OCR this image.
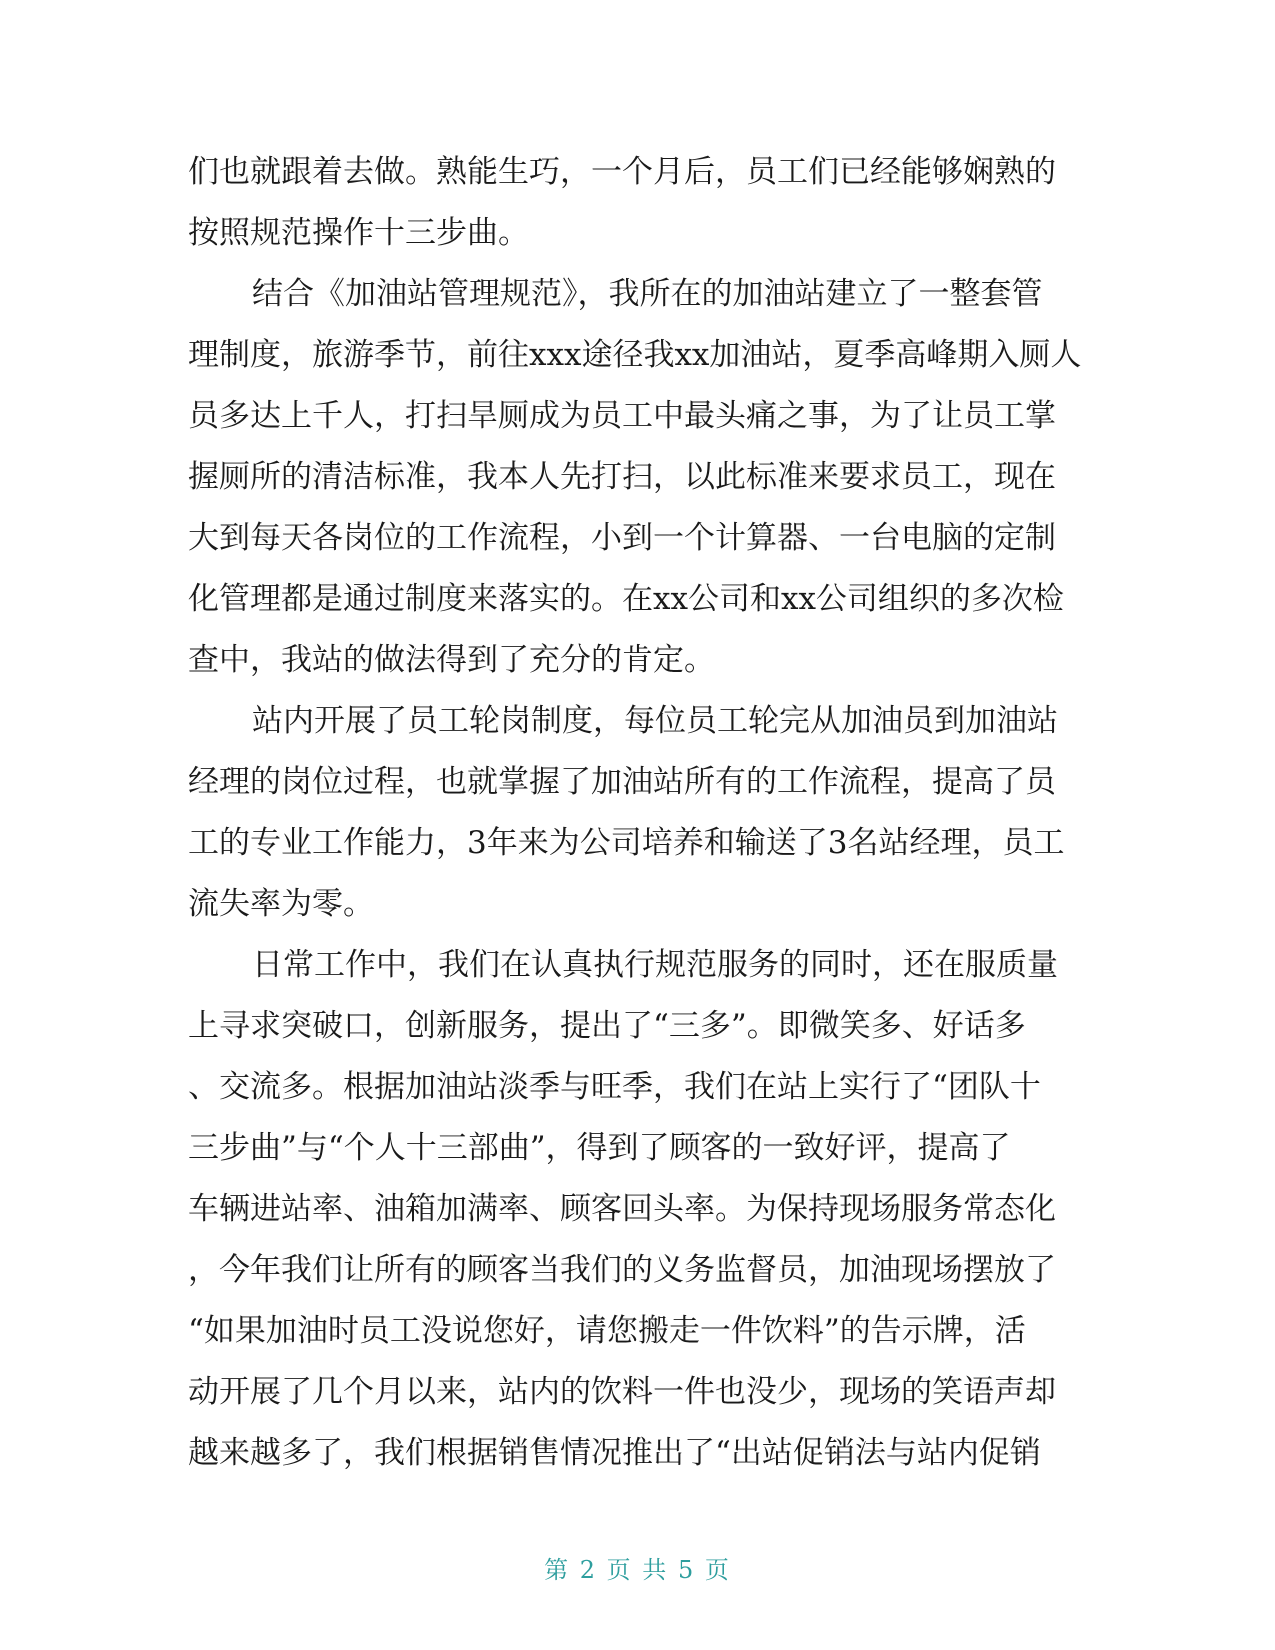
们也就跟着去做。熟能生巧，一个月后，员工们已经能够娴熟的
按照规范操作十三步曲。
结合《加油站管理规范》，我所在的加油站建立了一整套管
理制度，旅游季节，前往xxx途径我xx加油站，夏季高峰期入厕人
员多达上千人，打扫旱厕成为员工中最头痛之事，为了让员工掌
握厕所的清洁标准，我本人先打扫，以此标准来要求员工，现在
大到每天各岗位的工作流程，小到一个计算器、一台电脑的定制
化管理都是通过制度来落实的。在xx公司和xx公司组织的多次检
查中，我站的做法得到了充分的肯定。
站内开展了员工轮岗制度，每位员工轮完从加油员到加油站
经理的岗位过程，也就掌握了加油站所有的工作流程，提高了员
工的专业工作能力，3年来为公司培养和输送了3名站经理，员工
流失率为零。
日常工作中，我们在认真执行规范服务的同时，还在服质量
上寻求突破口，创新服务，提出了“三多”。即微笑多、好话多
、交流多。根据加油站淡季与旺季，我们在站上实行了“团队十
三步曲”与“个人十三部曲”，得到了顾客的一致好评，提高了
车辆进站率、油箱加满率、顾客回头率。为保持现场服务常态化
，今年我们让所有的顾客当我们的义务监督员，加油现场摆放了
“如果加油时员工没说您好，请您搬走一件饮料”的告示牌，活
动开展了几个月以来，站内的饮料一件也没少，现场的笑语声却
越来越多了，我们根据销售情况推出了“出站促销法与站内促销
第 2 页 共 5 页
